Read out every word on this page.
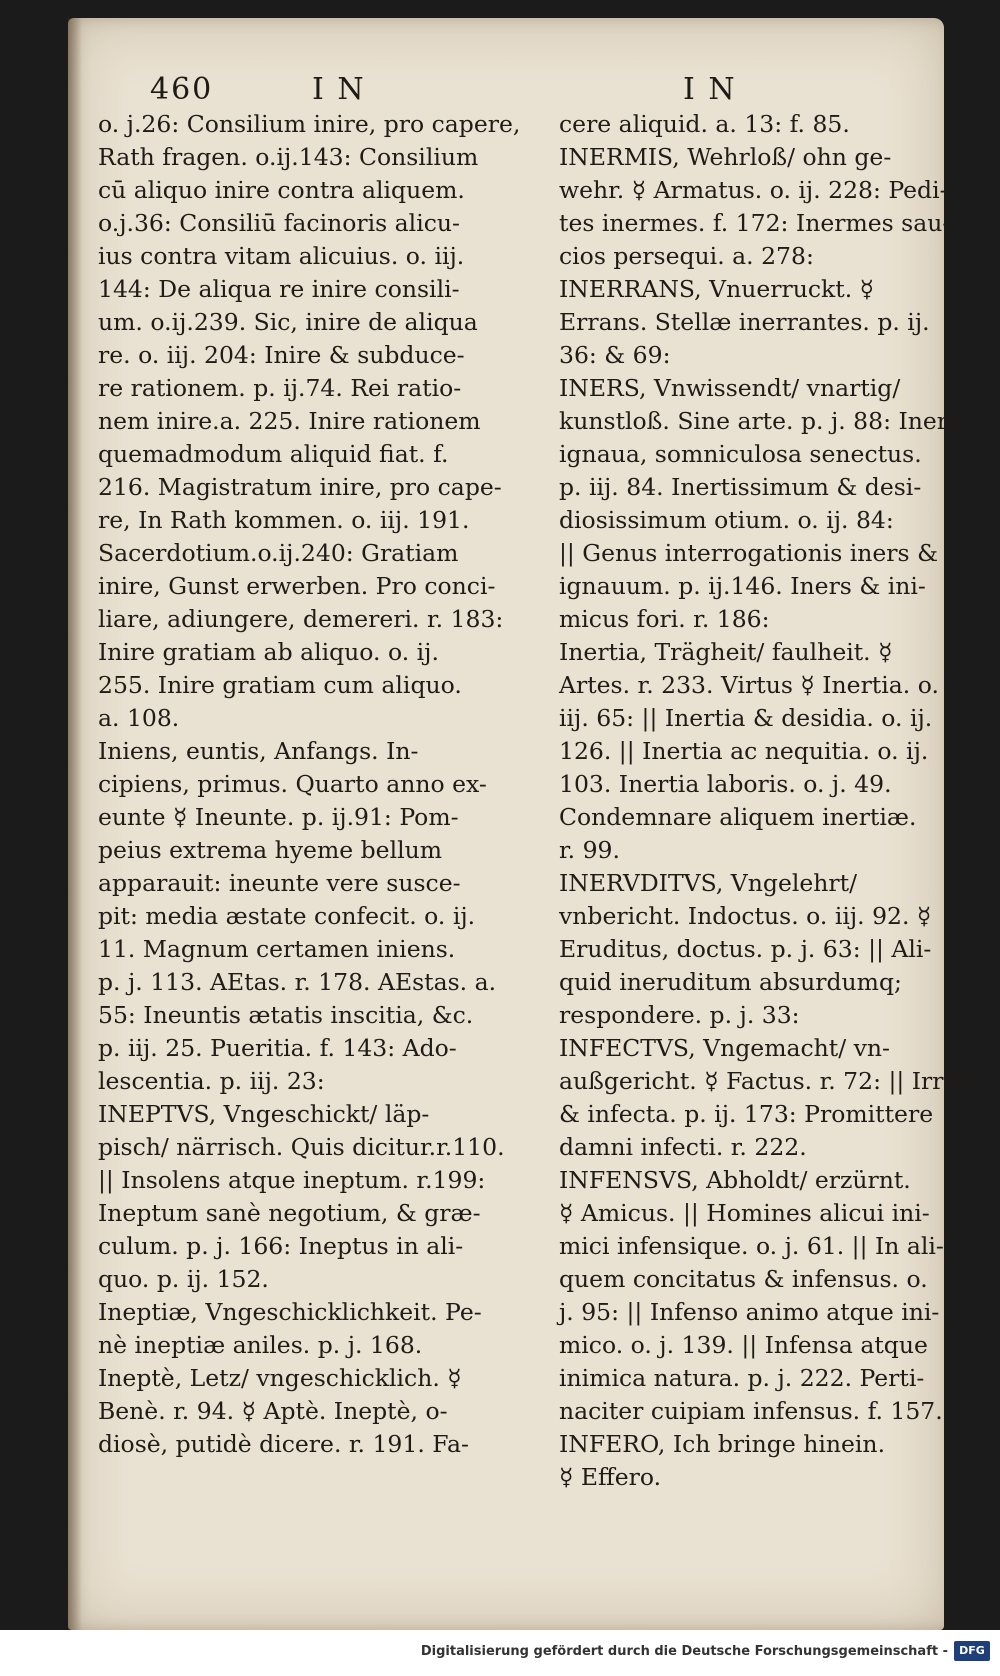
460	I N	I N
o. j.26: Consilium inire, pro capere,
Rath fragen. o.ij.143: Consilium
cū aliquo inire contra aliquem.
o.j.36: Consiliū facinoris alicu-
ius contra vitam alicuius. o. iij.
144: De aliqua re inire consili-
um. o.ij.239. Sic, inire de aliqua
re. o. iij. 204: Inire & subduce-
re rationem. p. ij.74. Rei ratio-
nem inire.a. 225. Inire rationem
quemadmodum aliquid fiat. f.
216. Magistratum inire, pro cape-
re, In Rath kommen. o. iij. 191.
Sacerdotium.o.ij.240: Gratiam
inire, Gunst erwerben. Pro conci-
liare, adiungere, demereri. r. 183:
Inire gratiam ab aliquo. o. ij.
255. Inire gratiam cum aliquo.
a. 108.
Iniens, euntis, Anfangs. In-
cipiens, primus. Quarto anno ex-
eunte ☿ Ineunte. p. ij.91: Pom-
peius extrema hyeme bellum
apparauit: ineunte vere susce-
pit: media æstate confecit. o. ij.
11. Magnum certamen iniens.
p. j. 113. AEtas. r. 178. AEstas. a.
55: Ineuntis ætatis inscitia, &c.
p. iij. 25. Pueritia. f. 143: Ado-
lescentia. p. iij. 23:
INEPTVS, Vngeschickt/ läp-
pisch/ närrisch. Quis dicitur.r.110.
|| Insolens atque ineptum. r.199:
Ineptum sanè negotium, & græ-
culum. p. j. 166: Ineptus in ali-
quo. p. ij. 152.
Ineptiæ, Vngeschicklichkeit. Pe-
nè ineptiæ aniles. p. j. 168.
Ineptè, Letz/ vngeschicklich. ☿
Benè. r. 94. ☿ Aptè. Ineptè, o-
diosè, putidè dicere. r. 191. Fa-
cere aliquid. a. 13: f. 85.
INERMIS, Wehrloß/ ohn ge-
wehr. ☿ Armatus. o. ij. 228: Pedi-
tes inermes. f. 172: Inermes sau-
cios persequi. a. 278:
INERRANS, Vnuerruckt. ☿
Errans. Stellæ inerrantes. p. ij.
36: & 69:
INERS, Vnwissendt/ vnartig/
kunstloß. Sine arte. p. j. 88: Iners,
ignaua, somniculosa senectus.
p. iij. 84. Inertissimum & desi-
diosissimum otium. o. ij. 84:
|| Genus interrogationis iners &
ignauum. p. ij.146. Iners & ini-
micus fori. r. 186:
Inertia, Trägheit/ faulheit. ☿
Artes. r. 233. Virtus ☿ Inertia. o.
iij. 65: || Inertia & desidia. o. ij.
126. || Inertia ac nequitia. o. ij.
103. Inertia laboris. o. j. 49.
Condemnare aliquem inertiæ.
r. 99.
INERVDITVS, Vngelehrt/
vnbericht. Indoctus. o. iij. 92. ☿
Eruditus, doctus. p. j. 63: || Ali-
quid ineruditum absurdumq;
respondere. p. j. 33:
INFECTVS, Vngemacht/ vn-
außgericht. ☿ Factus. r. 72: || Irrita
& infecta. p. ij. 173: Promittere
damni infecti. r. 222.
INFENSVS, Abholdt/ erzürnt.
☿ Amicus. || Homines alicui ini-
mici infensique. o. j. 61. || In ali-
quem concitatus & infensus. o.
j. 95: || Infenso animo atque ini-
mico. o. j. 139. || Infensa atque
inimica natura. p. j. 222. Perti-
naciter cuipiam infensus. f. 157.
INFERO, Ich bringe hinein.
☿ Effero.
Digitalisierung gefördert durch die Deutsche Forschungsgemeinschaft -	DFG
